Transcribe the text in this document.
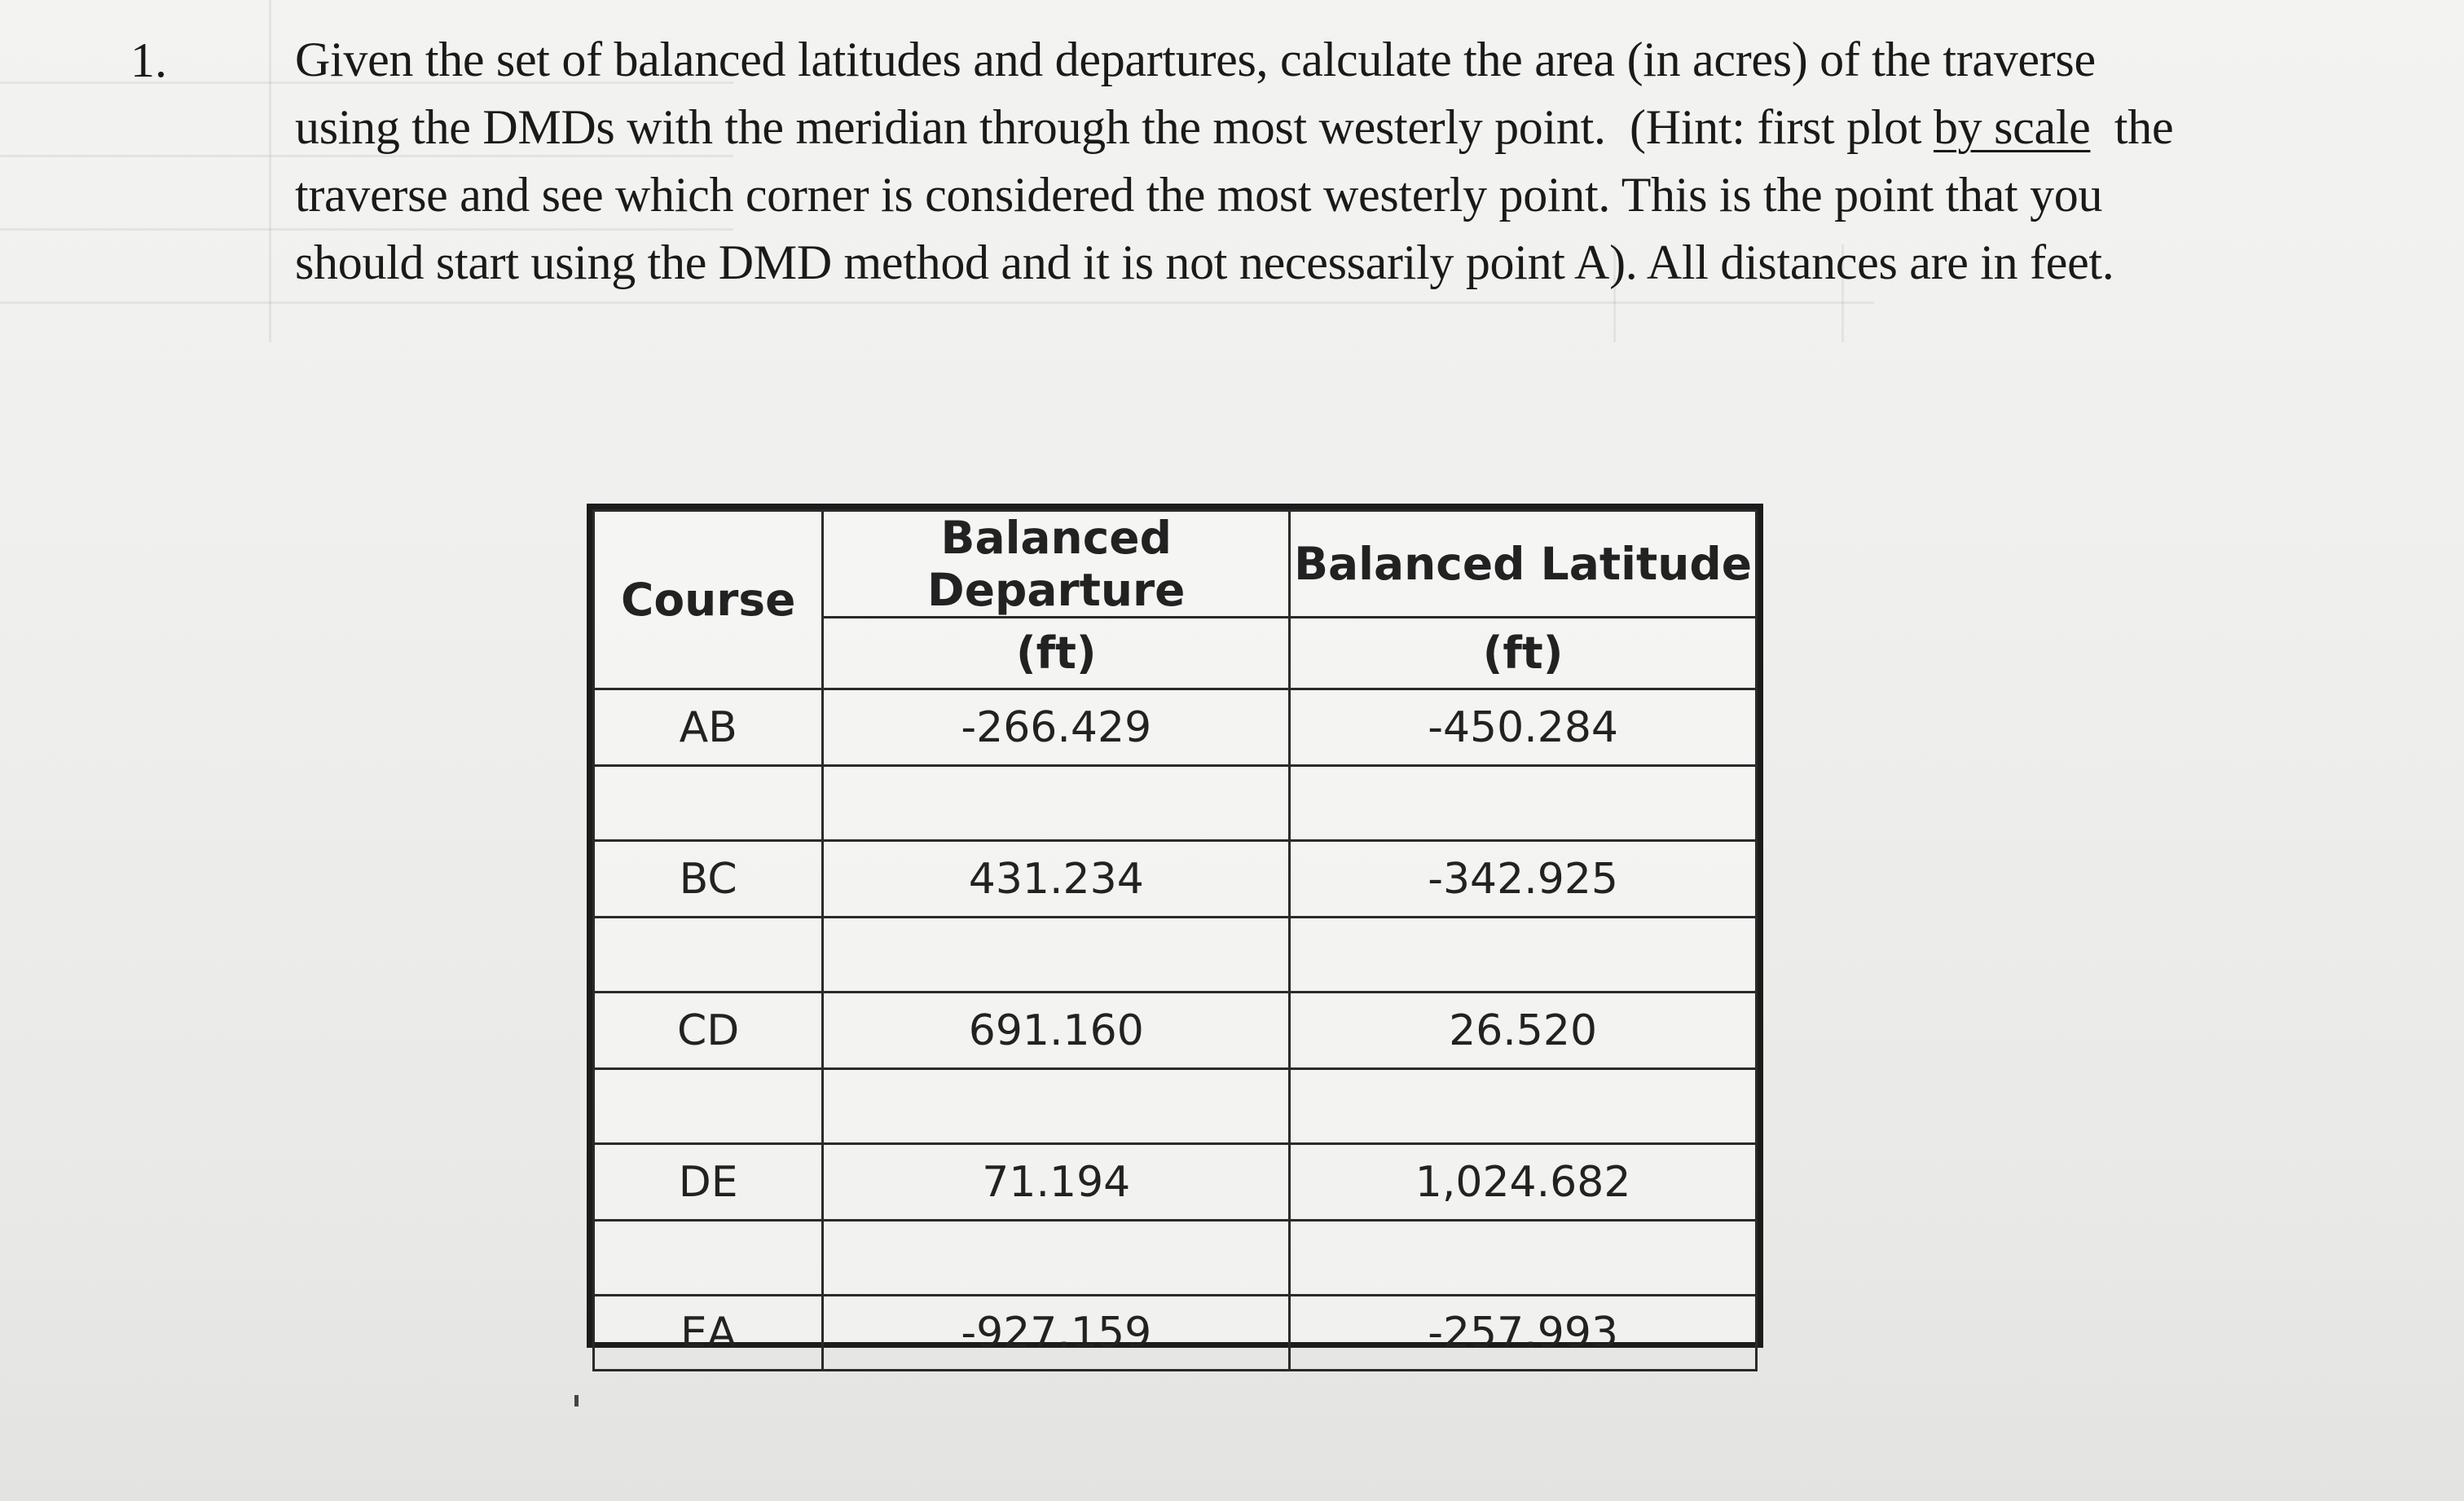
1.	Given the set of balanced latitudes and departures, calculate the area (in acres) of the traverse
using the DMDs with the meridian through the most westerly point.  (Hint: first plot by scale  the
traverse and see which corner is considered the most westerly point. This is the point that you
should start using the DMD method and it is not necessarily point A). All distances are in feet.
Course	Balanced Departure	Balanced Latitude
	(ft)	(ft)
AB	-266.429	-450.284

BC	431.234	-342.925

CD	691.160	26.520

DE	71.194	1,024.682

EA	-927.159	-257.993
